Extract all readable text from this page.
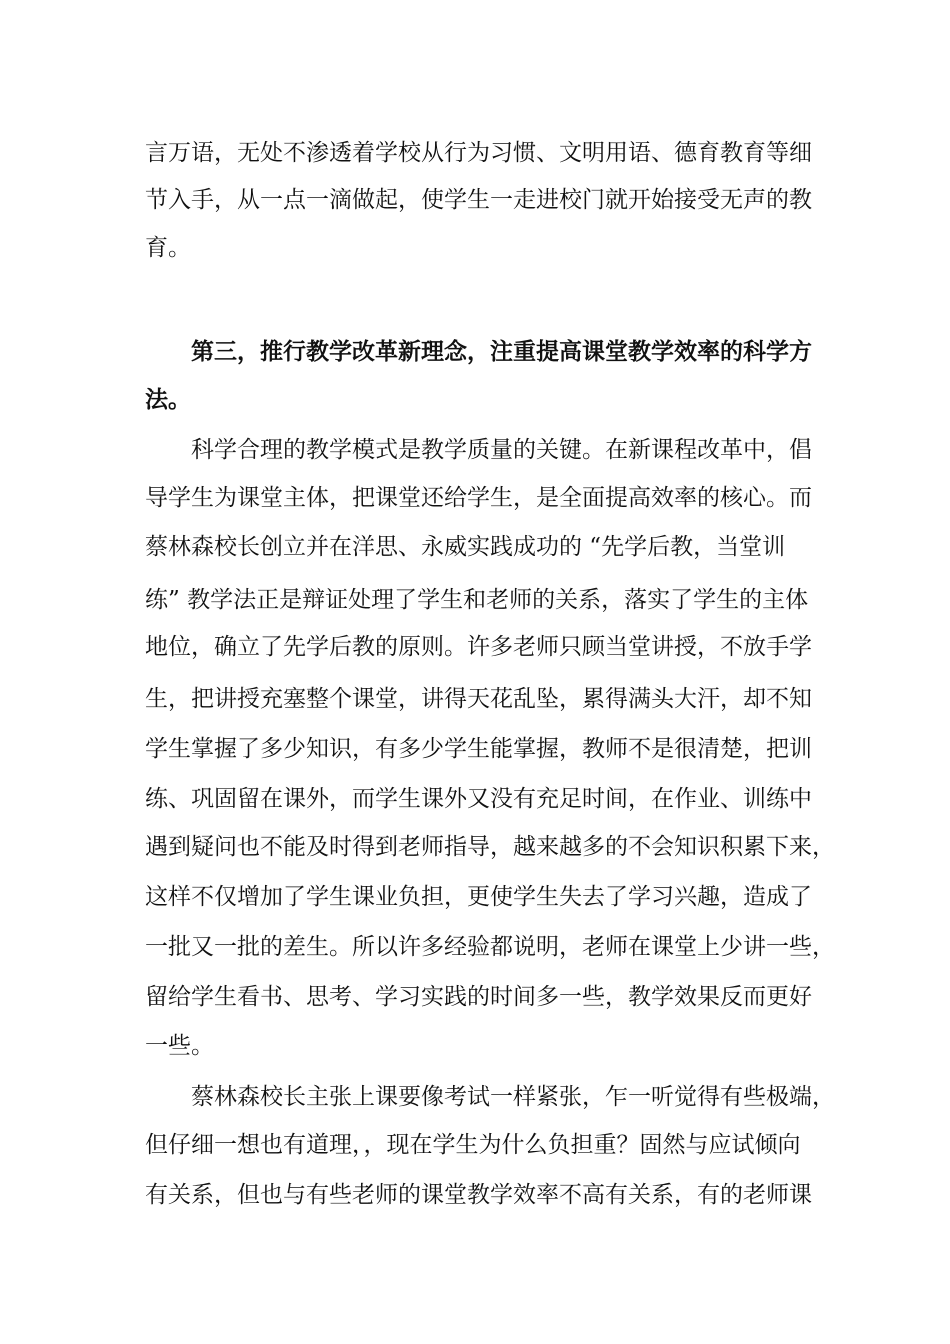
言万语，无处不渗透着学校从行为习惯、文明用语、德育教育等细

节入手，从一点一滴做起，使学生一走进校门就开始接受无声的教

育。

第三，推行教学改革新理念，注重提高课堂教学效率的科学方

法。

科学合理的教学模式是教学质量的关键。在新课程改革中，倡

导学生为课堂主体，把课堂还给学生，是全面提高效率的核心。而

蔡林森校长创立并在洋思、永威实践成功的 “先学后教，当堂训

练” 教学法正是辩证处理了学生和老师的关系，落实了学生的主体

地位，确立了先学后教的原则。许多老师只顾当堂讲授，不放手学

生，把讲授充塞整个课堂，讲得天花乱坠，累得满头大汗，却不知

学生掌握了多少知识，有多少学生能掌握，教师不是很清楚，把训

练、巩固留在课外，而学生课外又没有充足时间，在作业、训练中

遇到疑问也不能及时得到老师指导，越来越多的不会知识积累下来，

这样不仅增加了学生课业负担，更使学生失去了学习兴趣，造成了

一批又一批的差生。所以许多经验都说明，老师在课堂上少讲一些，

留给学生看书、思考、学习实践的时间多一些，教学效果反而更好

一些。

蔡林森校长主张上课要像考试一样紧张，乍一听觉得有些极端，

但仔细一想也有道理，，现在学生为什么负担重？固然与应试倾向

有关系，但也与有些老师的课堂教学效率不高有关系，有的老师课
